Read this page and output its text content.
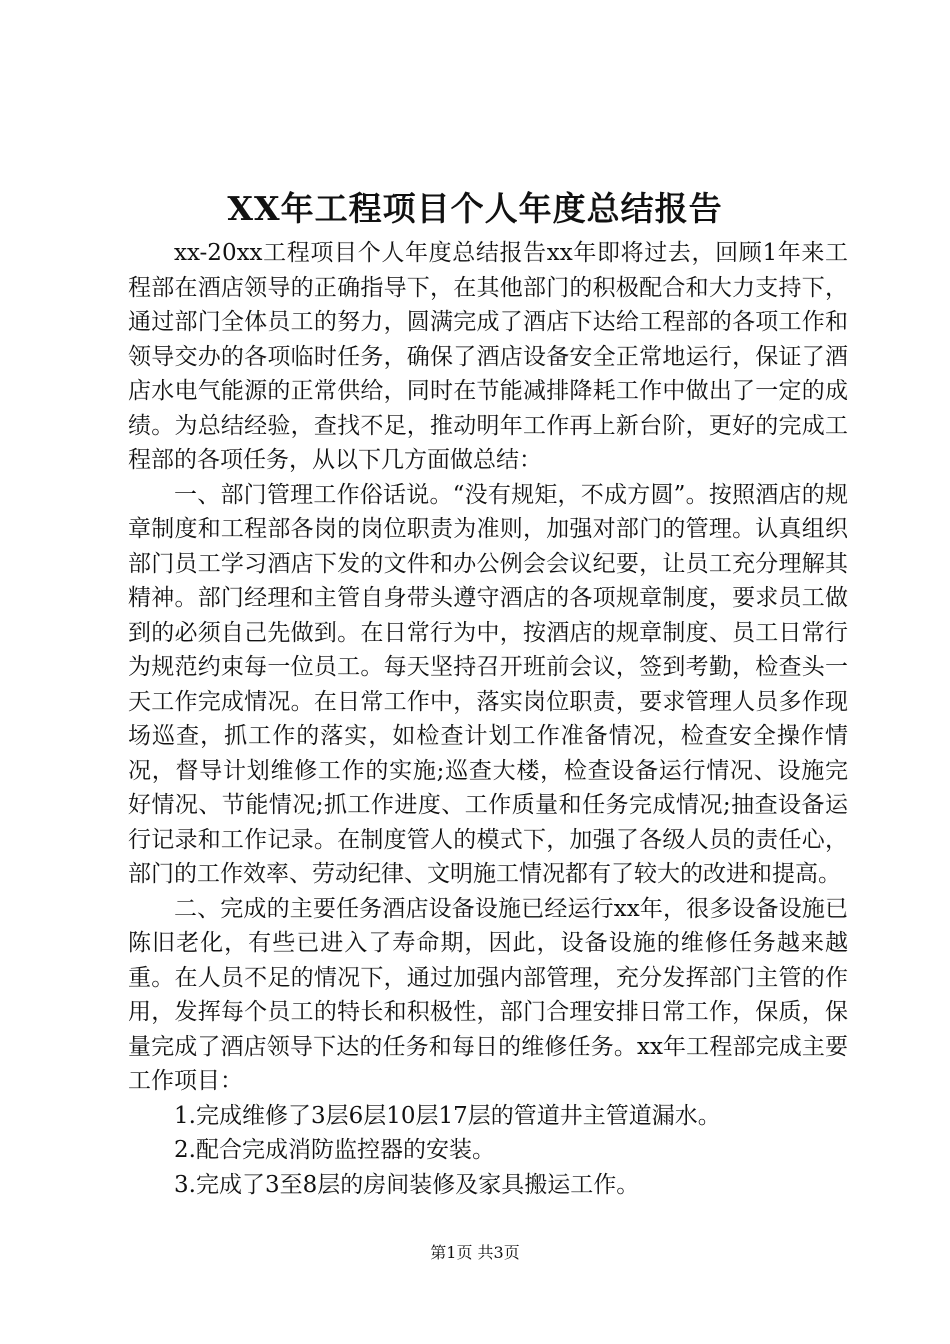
XX年工程项目个人年度总结报告

xx-20xx工程项目个人年度总结报告xx年即将过去，回顾1年来工程部在酒店领导的正确指导下，在其他部门的积极配合和大力支持下，通过部门全体员工的努力，圆满完成了酒店下达给工程部的各项工作和领导交办的各项临时任务，确保了酒店设备安全正常地运行，保证了酒店水电气能源的正常供给，同时在节能减排降耗工作中做出了一定的成绩。为总结经验，查找不足，推动明年工作再上新台阶，更好的完成工程部的各项任务，从以下几方面做总结：

一、部门管理工作俗话说。“没有规矩，不成方圆”。按照酒店的规章制度和工程部各岗的岗位职责为准则，加强对部门的管理。认真组织部门员工学习酒店下发的文件和办公例会会议纪要，让员工充分理解其精神。部门经理和主管自身带头遵守酒店的各项规章制度，要求员工做到的必须自己先做到。在日常行为中，按酒店的规章制度、员工日常行为规范约束每一位员工。每天坚持召开班前会议，签到考勤，检查头一天工作完成情况。在日常工作中，落实岗位职责，要求管理人员多作现场巡查，抓工作的落实，如检查计划工作准备情况，检查安全操作情况，督导计划维修工作的实施;巡查大楼，检查设备运行情况、设施完好情况、节能情况;抓工作进度、工作质量和任务完成情况;抽查设备运行记录和工作记录。在制度管人的模式下，加强了各级人员的责任心，部门的工作效率、劳动纪律、文明施工情况都有了较大的改进和提高。

二、完成的主要任务酒店设备设施已经运行xx年，很多设备设施已陈旧老化，有些已进入了寿命期，因此，设备设施的维修任务越来越重。在人员不足的情况下，通过加强内部管理，充分发挥部门主管的作用，发挥每个员工的特长和积极性，部门合理安排日常工作，保质，保量完成了酒店领导下达的任务和每日的维修任务。xx年工程部完成主要工作项目：

1.完成维修了3层6层10层17层的管道井主管道漏水。

2.配合完成消防监控器的安装。

3.完成了3至8层的房间装修及家具搬运工作。

第1页 共3页
